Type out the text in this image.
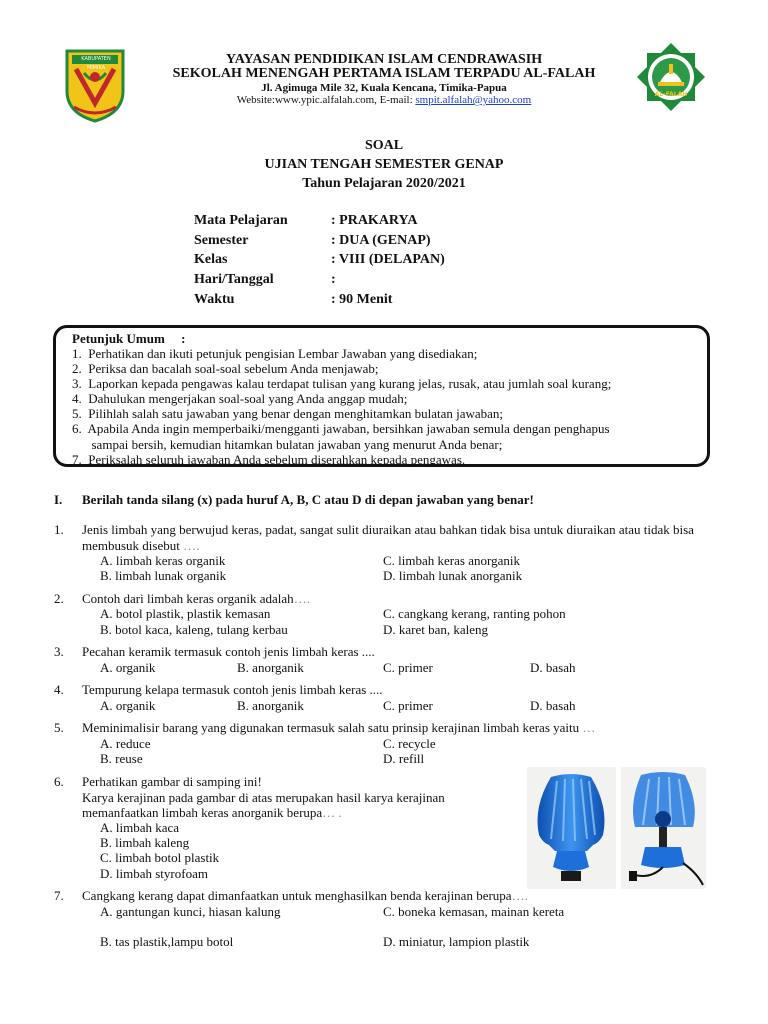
KABUPATEN MIMIKA
AL-FALAH
YAYASAN PENDIDIKAN ISLAM CENDRAWASIH
SEKOLAH MENENGAH PERTAMA ISLAM TERPADU AL-FALAH
Jl. Agimuga Mile 32, Kuala Kencana, Timika-Papua
Website:www.ypic.alfalah.com, E-mail: smpit.alfalah@yahoo.com
SOAL
UJIAN TENGAH SEMESTER GENAP
Tahun Pelajaran 2020/2021
Mata Pelajaran	: PRAKARYA
Semester	: DUA (GENAP)
Kelas	: VIII (DELAPAN)
Hari/Tanggal	:
Waktu	: 90 Menit
Petunjuk Umum     :
1.  Perhatikan dan ikuti petunjuk pengisian Lembar Jawaban yang disediakan;
2.  Periksa dan bacalah soal-soal sebelum Anda menjawab;
3.  Laporkan kepada pengawas kalau terdapat tulisan yang kurang jelas, rusak, atau jumlah soal kurang;
4.  Dahulukan mengerjakan soal-soal yang Anda anggap mudah;
5.  Pilihlah salah satu jawaban yang benar dengan menghitamkan bulatan jawaban;
6.  Apabila Anda ingin memperbaiki/mengganti jawaban, bersihkan jawaban semula dengan penghapus
sampai bersih, kemudian hitamkan bulatan jawaban yang menurut Anda benar;
7.  Periksalah seluruh jawaban Anda sebelum diserahkan kepada pengawas.
I. Berilah tanda silang (x) pada huruf A, B, C atau D di depan jawaban yang benar!
1. Jenis limbah yang berwujud keras, padat, sangat sulit diuraikan atau bahkan tidak bisa untuk diuraikan atau tidak bisa
membusuk disebut ….
A. limbah keras organik	C. limbah keras anorganik
B. limbah lunak organik	D. limbah lunak anorganik
2. Contoh dari limbah keras organik adalah….
A. botol plastik, plastik kemasan	C. cangkang kerang, ranting pohon
B. botol kaca, kaleng, tulang kerbau	D. karet ban, kaleng
3. Pecahan keramik termasuk contoh jenis limbah keras ....
A. organik	B. anorganik	C. primer	D. basah
4. Tempurung kelapa termasuk contoh jenis limbah keras ....
A. organik	B. anorganik	C. primer	D. basah
5. Meminimalisir barang yang digunakan termasuk salah satu prinsip kerajinan limbah keras yaitu …
A. reduce	C. recycle
B. reuse	D. refill
6. Perhatikan gambar di samping ini!
Karya kerajinan pada gambar di atas merupakan hasil karya kerajinan
memanfaatkan limbah keras anorganik berupa… .
A. limbah kaca
B. limbah kaleng
C. limbah botol plastik
D. limbah styrofoam
7. Cangkang kerang dapat dimanfaatkan untuk menghasilkan benda kerajinan berupa….
A. gantungan kunci, hiasan kalung	C. boneka kemasan, mainan kereta
B. tas plastik,lampu botol	D. miniatur, lampion plastik
